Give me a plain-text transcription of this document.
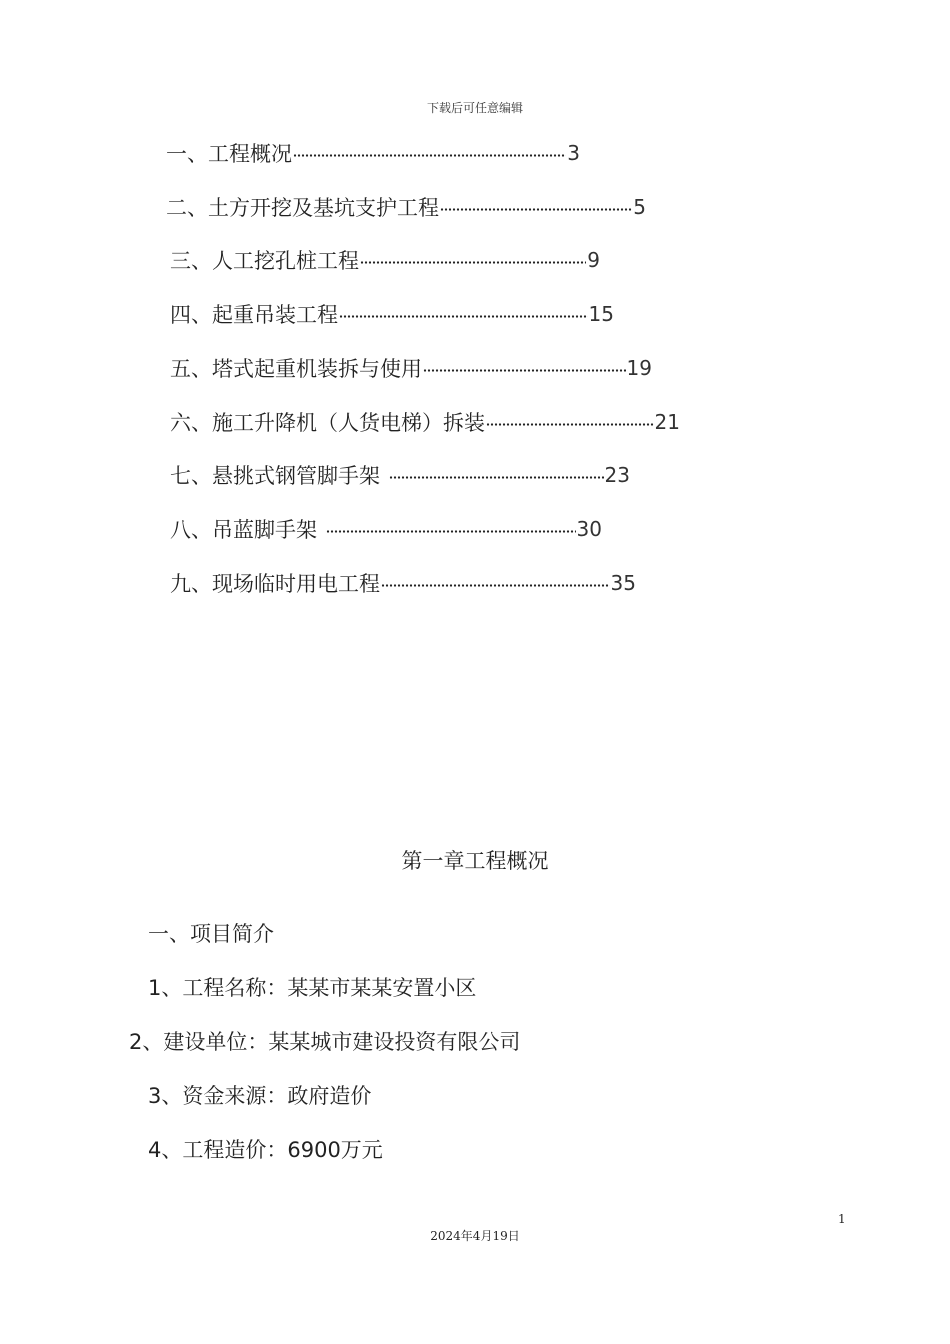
下载后可任意编辑
一、工程概况	3
二、土方开挖及基坑支护工程	5
三、人工挖孔桩工程	9
四、起重吊装工程	15
五、塔式起重机装拆与使用	19
六、施工升降机（人货电梯）拆装	21
七、悬挑式钢管脚手架	23
八、吊蓝脚手架	30
九、现场临时用电工程	35
第一章工程概况
一、项目简介
1、工程名称：某某市某某安置小区
2、建设单位：某某城市建设投资有限公司
3、资金来源：政府造价
4、工程造价：6900万元
1
2024年4月19日
